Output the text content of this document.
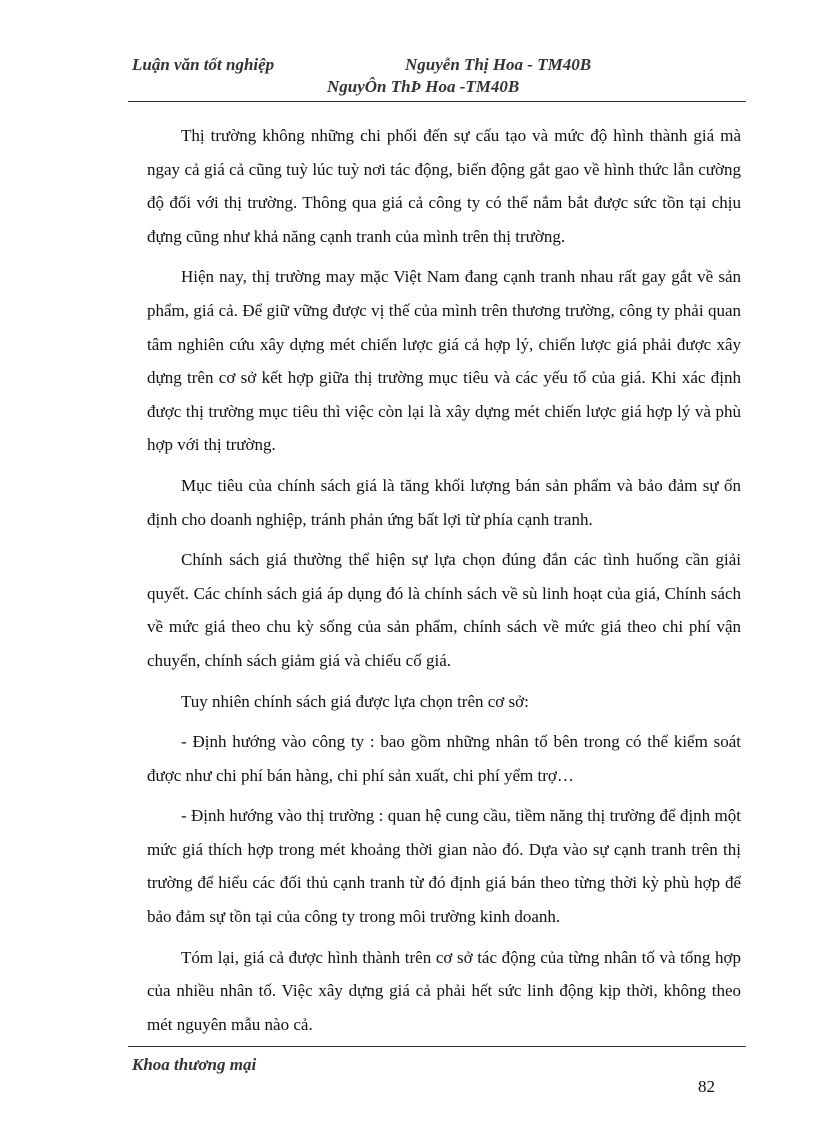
Luận văn tốt nghiệp	Nguyễn Thị Hoa - TM40B
NguyÔn ThÞ Hoa -TM40B

Thị trường không những chi phối đến sự cấu tạo và mức độ hình thành giá mà ngay cả giá cả cũng tuỳ lúc tuỳ nơi tác động, biến động gắt gao về hình thức lẫn cường độ đối với thị trường. Thông qua giá cả công ty có thể nắm bắt được sức tồn tại chịu đựng cũng như khả năng cạnh tranh của mình trên thị trường.

Hiện nay, thị trường may mặc Việt Nam đang cạnh tranh nhau rất gay gắt về sản phẩm, giá cả. Để giữ vững được vị thế của mình trên thương trường, công ty phải quan tâm nghiên cứu xây dựng mét chiến lược giá cả hợp lý, chiến lược giá phải được xây dựng trên cơ sở kết hợp giữa thị trường mục tiêu và các yếu tố của giá. Khi xác định được thị trường mục tiêu thì việc còn lại là xây dựng mét chiến lược giá hợp lý và phù hợp với thị trường.

Mục tiêu của chính sách giá là tăng khối lượng bán sản phẩm và bảo đảm sự ổn định cho doanh nghiệp, tránh phản ứng bất lợi từ phía cạnh tranh.

Chính sách giá thường thể hiện sự lựa chọn đúng đắn các tình huống cần giải quyết. Các chính sách giá áp dụng đó là chính sách về sù linh hoạt của giá, Chính sách về mức giá theo chu kỳ sống của sản phẩm, chính sách về mức giá theo chi phí vận chuyển, chính sách giảm giá và chiếu cố giá.

Tuy nhiên chính sách giá được lựa chọn trên cơ sở:

- Định hướng vào công ty : bao gồm những nhân tố bên trong có thể kiểm soát được như chi phí bán hàng, chi phí sản xuất, chi phí yểm trợ…

- Định hướng vào thị trường : quan hệ cung cầu, tiềm năng thị trường để định một mức giá thích hợp trong mét khoảng thời gian nào đó. Dựa vào sự cạnh tranh trên thị trường để hiểu các đối thủ cạnh tranh từ đó định giá bán theo từng thời kỳ phù hợp để bảo đảm sự tồn tại của công ty trong môi trường kinh doanh.

Tóm lại, giá cả được hình thành trên cơ sở tác động của từng nhân tố và tổng hợp của nhiều nhân tố. Việc xây dựng giá cả phải hết sức linh động kịp thời, không theo mét nguyên mẫu nào cả.

Khoa thương mại
82
